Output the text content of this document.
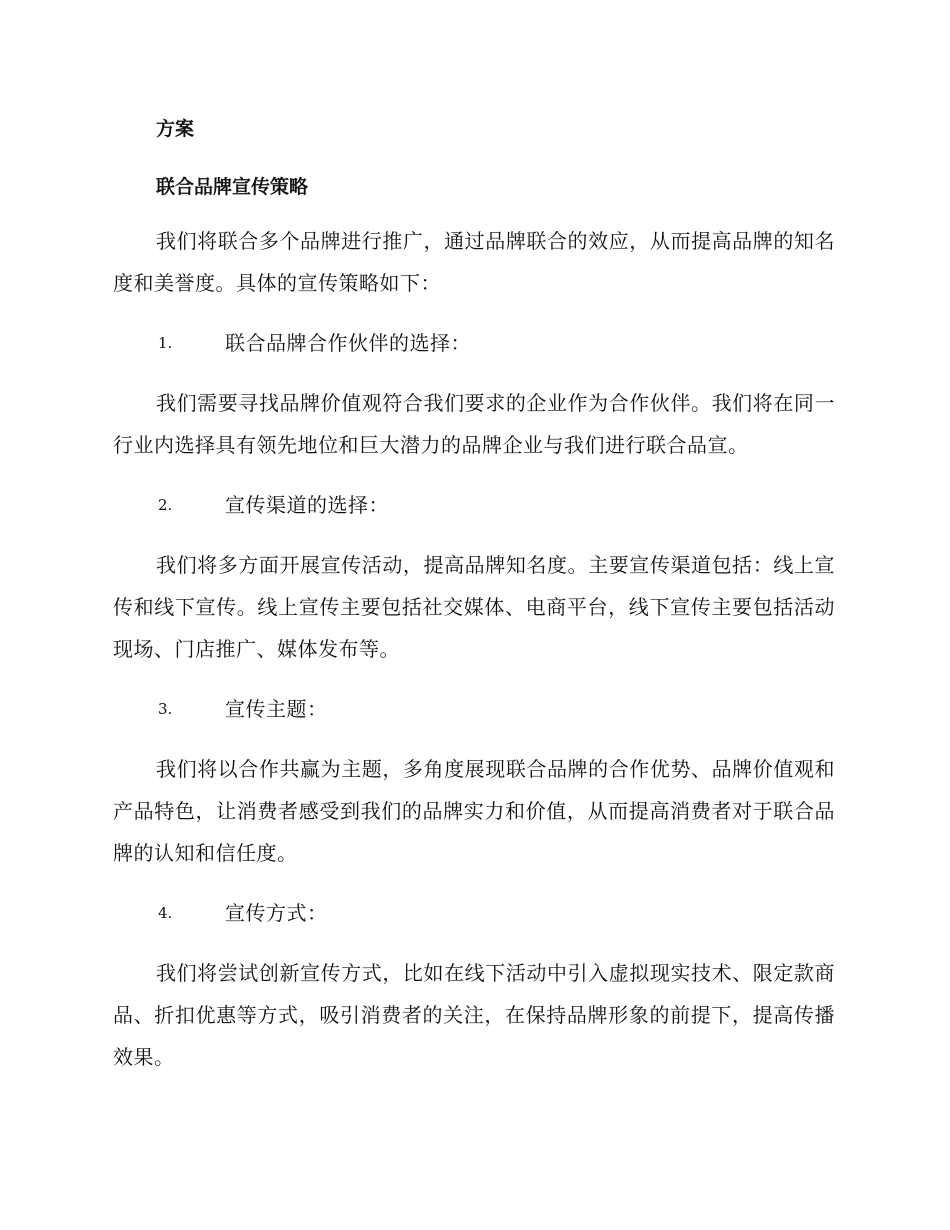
方案

联合品牌宣传策略

我们将联合多个品牌进行推广，通过品牌联合的效应，从而提高品牌的知名度和美誉度。具体的宣传策略如下：

1.	联合品牌合作伙伴的选择：

我们需要寻找品牌价值观符合我们要求的企业作为合作伙伴。我们将在同一行业内选择具有领先地位和巨大潜力的品牌企业与我们进行联合品宣。

2.	宣传渠道的选择：

我们将多方面开展宣传活动，提高品牌知名度。主要宣传渠道包括：线上宣传和线下宣传。线上宣传主要包括社交媒体、电商平台，线下宣传主要包括活动现场、门店推广、媒体发布等。

3.	宣传主题：

我们将以合作共赢为主题，多角度展现联合品牌的合作优势、品牌价值观和产品特色，让消费者感受到我们的品牌实力和价值，从而提高消费者对于联合品牌的认知和信任度。

4.	宣传方式：

我们将尝试创新宣传方式，比如在线下活动中引入虚拟现实技术、限定款商品、折扣优惠等方式，吸引消费者的关注，在保持品牌形象的前提下，提高传播效果。
